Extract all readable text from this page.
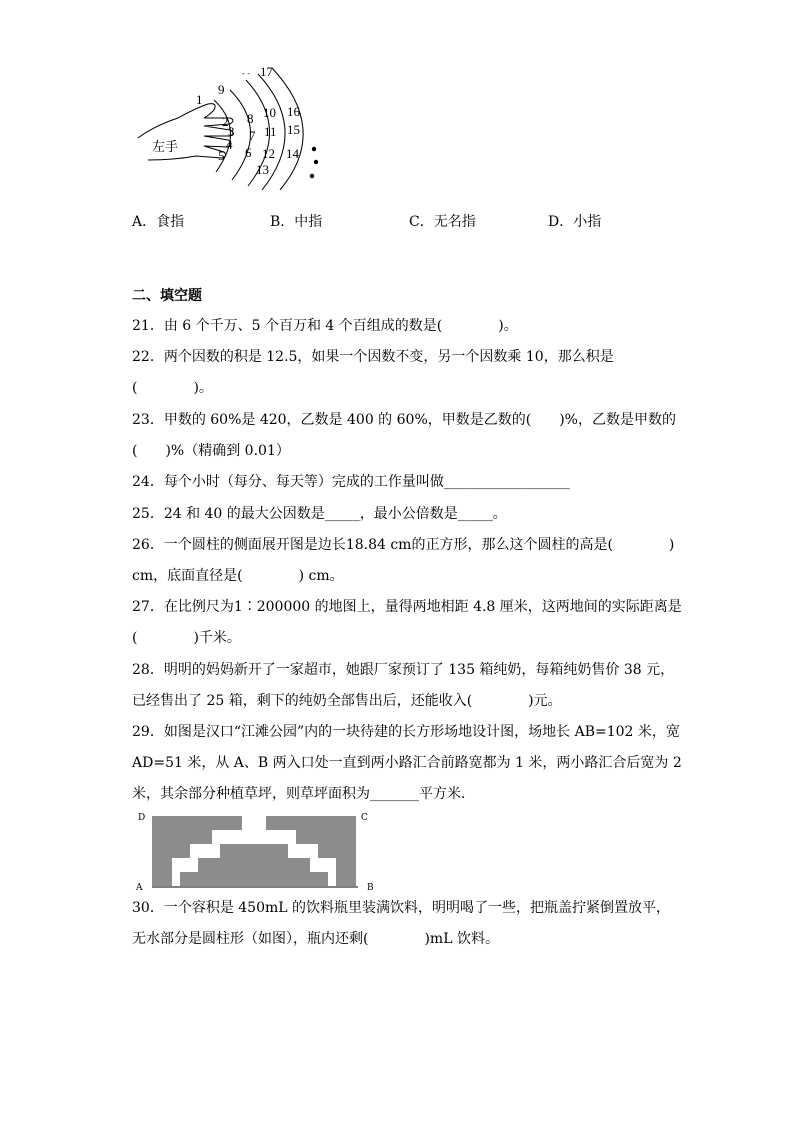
左手
1
2
3
4
5 6
7
8
9
10
11
12
13
14
15
16
17
- -
A．食指	B．中指	C．无名指	D．小指
二、填空题
21．由 6 个千万、5 个百万和 4 个百组成的数是(　　　　)。
22．两个因数的积是 12.5，如果一个因数不变，另一个因数乘 10，那么积是
(　　　　)。
23．甲数的 60%是 420，乙数是 400 的 60%，甲数是乙数的(　　)%，乙数是甲数的
(　　)%（精确到 0.01）
24．每个小时（每分、每天等）完成的工作量叫做__________________
25．24 和 40 的最大公因数是_____，最小公倍数是_____。
26．一个圆柱的侧面展开图是边长18.84 cm的正方形，那么这个圆柱的高是(　　　　)
cm，底面直径是(　　　　) cm。
27．在比例尺为1∶200000 的地图上，量得两地相距 4.8 厘米，这两地间的实际距离是
(　　　　)千米。
28．明明的妈妈新开了一家超市，她跟厂家预订了 135 箱纯奶，每箱纯奶售价 38 元，
已经售出了 25 箱，剩下的纯奶全部售出后，还能收入(　　　　)元。
29．如图是汉口“江滩公园”内的一块待建的长方形场地设计图，场地长 AB=102 米，宽
AD=51 米，从 A、B 两入口处一直到两小路汇合前路宽都为 1 米，两小路汇合后宽为 2
米，其余部分种植草坪，则草坪面积为_______平方米．
D	C
A	B
30．一个容积是 450mL 的饮料瓶里装满饮料，明明喝了一些，把瓶盖拧紧倒置放平，
无水部分是圆柱形（如图），瓶内还剩(　　　　)mL 饮料。
